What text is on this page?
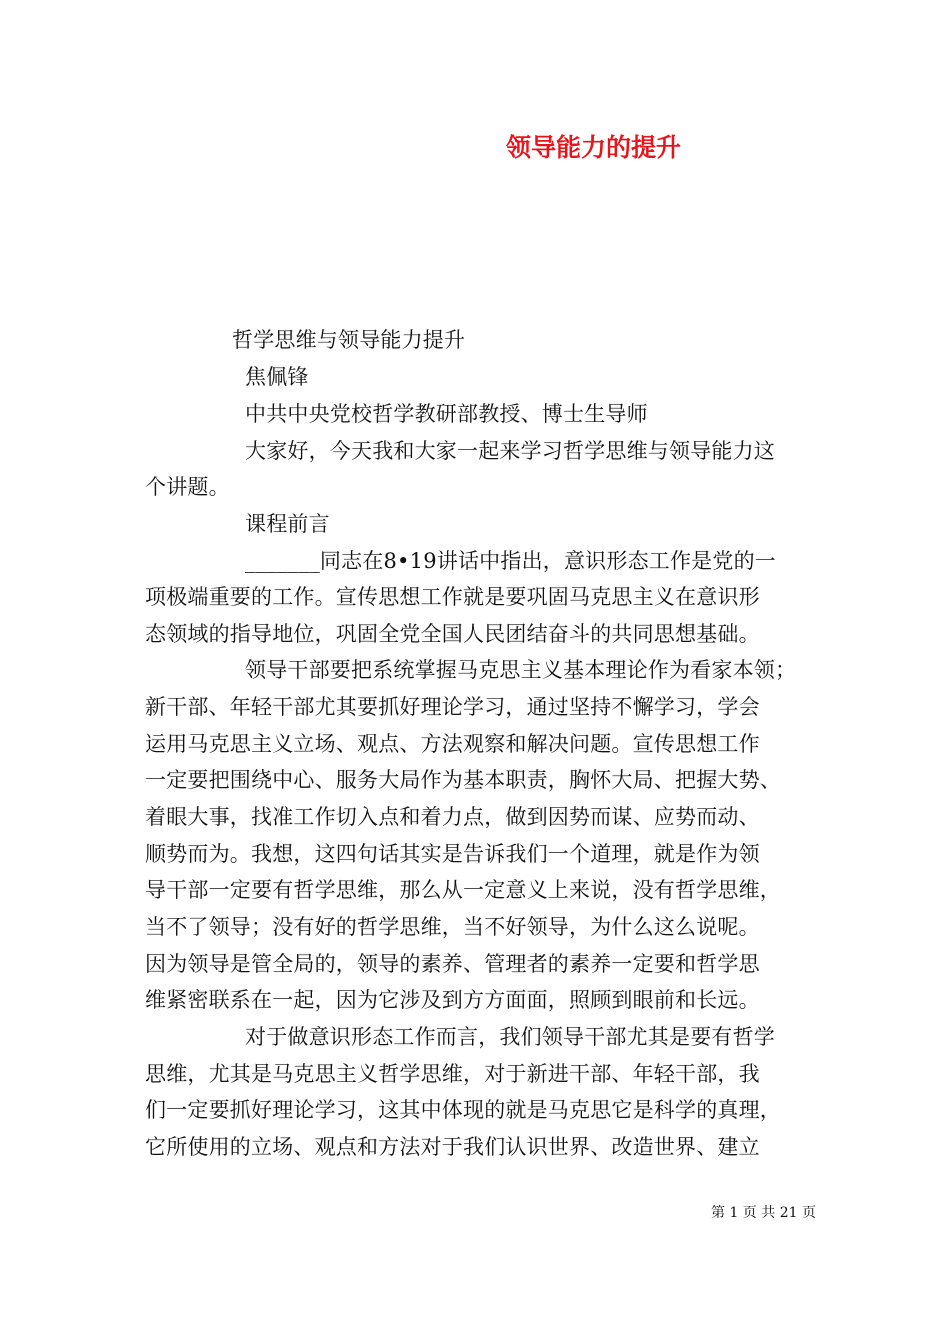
领导能力的提升
哲学思维与领导能力提升
焦佩锋
中共中央党校哲学教研部教授、博士生导师
大家好，今天我和大家一起来学习哲学思维与领导能力这
个讲题。
课程前言
_______同志在8•19讲话中指出，意识形态工作是党的一
项极端重要的工作。宣传思想工作就是要巩固马克思主义在意识形
态领域的指导地位，巩固全党全国人民团结奋斗的共同思想基础。
领导干部要把系统掌握马克思主义基本理论作为看家本领；
新干部、年轻干部尤其要抓好理论学习，通过坚持不懈学习，学会
运用马克思主义立场、观点、方法观察和解决问题。宣传思想工作
一定要把围绕中心、服务大局作为基本职责，胸怀大局、把握大势、
着眼大事，找准工作切入点和着力点，做到因势而谋、应势而动、
顺势而为。我想，这四句话其实是告诉我们一个道理，就是作为领
导干部一定要有哲学思维，那么从一定意义上来说，没有哲学思维，
当不了领导；没有好的哲学思维，当不好领导，为什么这么说呢。
因为领导是管全局的，领导的素养、管理者的素养一定要和哲学思
维紧密联系在一起，因为它涉及到方方面面，照顾到眼前和长远。
对于做意识形态工作而言，我们领导干部尤其是要有哲学
思维，尤其是马克思主义哲学思维，对于新进干部、年轻干部，我
们一定要抓好理论学习，这其中体现的就是马克思它是科学的真理，
它所使用的立场、观点和方法对于我们认识世界、改造世界、建立
第 1 页 共 21 页
